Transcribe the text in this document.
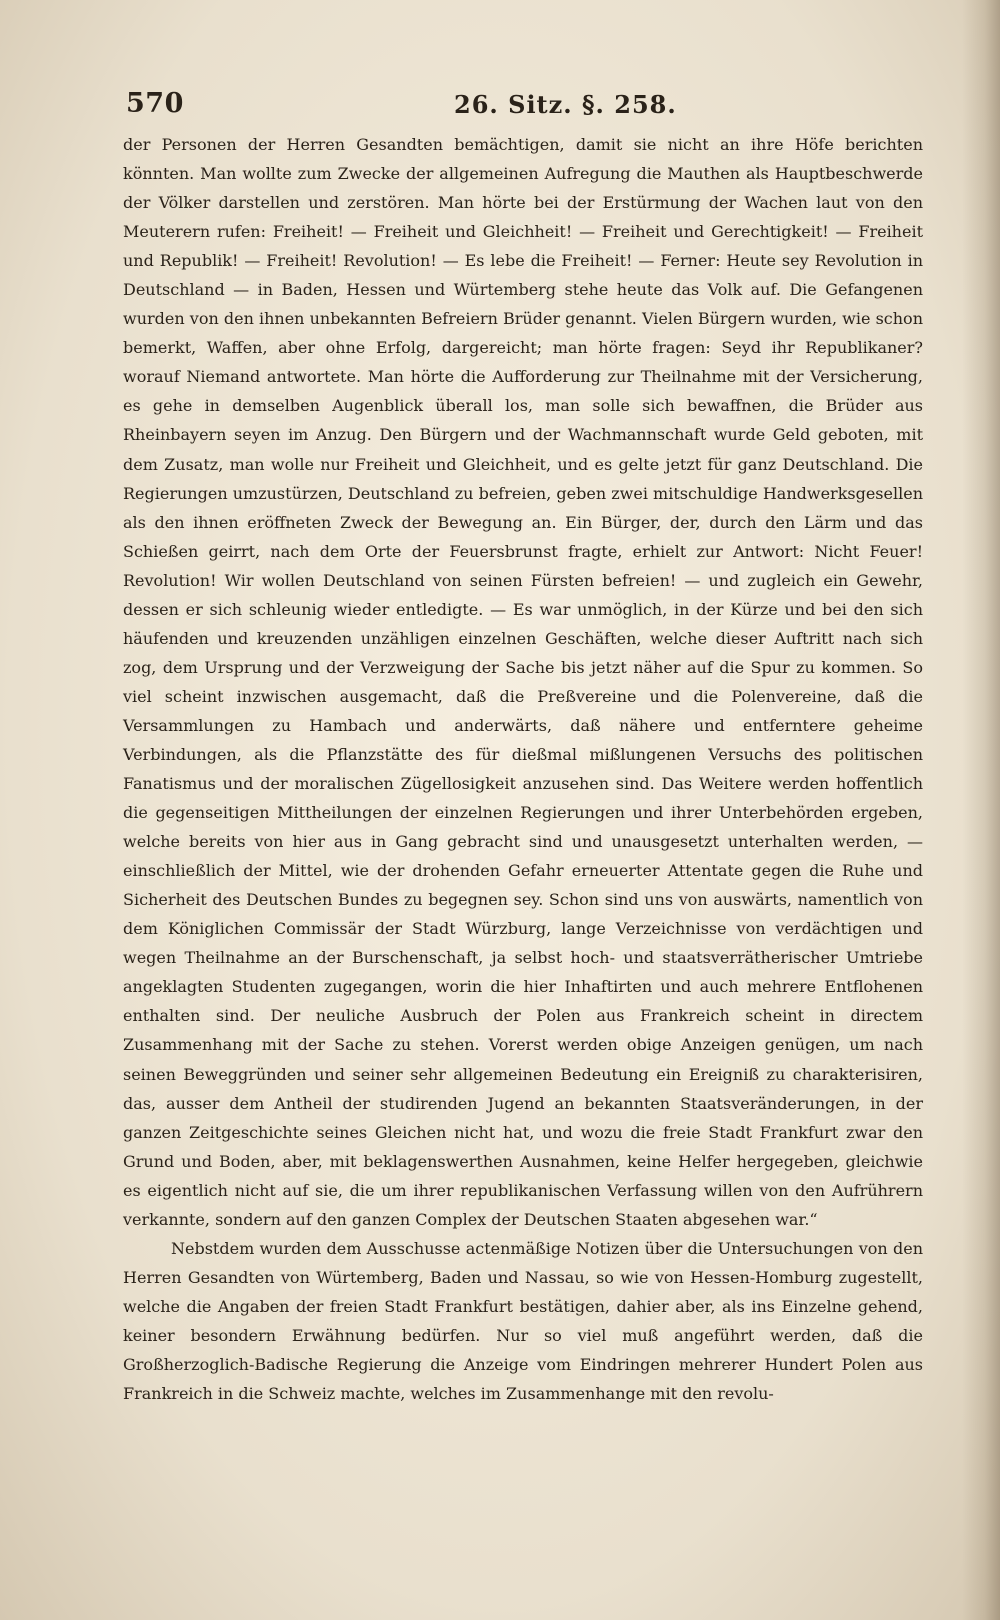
570	26. Sitz. §. 258.

der Personen der Herren Gesandten bemächtigen, damit sie nicht an ihre Höfe berichten könnten. Man wollte zum Zwecke der allgemeinen Aufregung die Mauthen als Hauptbeschwerde der Völker darstellen und zerstören. Man hörte bei der Erstürmung der Wachen laut von den Meuterern rufen: Freiheit! — Freiheit und Gleichheit! — Freiheit und Gerechtigkeit! — Freiheit und Republik! — Freiheit! Revolution! — Es lebe die Freiheit! — Ferner: Heute sey Revolution in Deutschland — in Baden, Hessen und Würtemberg stehe heute das Volk auf. Die Gefangenen wurden von den ihnen unbekannten Befreiern Brüder genannt. Vielen Bürgern wurden, wie schon bemerkt, Waffen, aber ohne Erfolg, dargereicht; man hörte fragen: Seyd ihr Republikaner? worauf Niemand antwortete. Man hörte die Aufforderung zur Theilnahme mit der Versicherung, es gehe in demselben Augenblick überall los, man solle sich bewaffnen, die Brüder aus Rheinbayern seyen im Anzug. Den Bürgern und der Wachmannschaft wurde Geld geboten, mit dem Zusatz, man wolle nur Freiheit und Gleichheit, und es gelte jetzt für ganz Deutschland. Die Regierungen umzustürzen, Deutschland zu befreien, geben zwei mitschuldige Handwerksgesellen als den ihnen eröffneten Zweck der Bewegung an. Ein Bürger, der, durch den Lärm und das Schießen geirrt, nach dem Orte der Feuersbrunst fragte, erhielt zur Antwort: Nicht Feuer! Revolution! Wir wollen Deutschland von seinen Fürsten befreien! — und zugleich ein Gewehr, dessen er sich schleunig wieder entledigte. — Es war unmöglich, in der Kürze und bei den sich häufenden und kreuzenden unzähligen einzelnen Geschäften, welche dieser Auftritt nach sich zog, dem Ursprung und der Verzweigung der Sache bis jetzt näher auf die Spur zu kommen. So viel scheint inzwischen ausgemacht, daß die Preßvereine und die Polenvereine, daß die Versammlungen zu Hambach und anderwärts, daß nähere und entferntere geheime Verbindungen, als die Pflanzstätte des für dießmal mißlungenen Versuchs des politischen Fanatismus und der moralischen Zügellosigkeit anzusehen sind. Das Weitere werden hoffentlich die gegenseitigen Mittheilungen der einzelnen Regierungen und ihrer Unterbehörden ergeben, welche bereits von hier aus in Gang gebracht sind und unausgesetzt unterhalten werden, — einschließlich der Mittel, wie der drohenden Gefahr erneuerter Attentate gegen die Ruhe und Sicherheit des Deutschen Bundes zu begegnen sey. Schon sind uns von auswärts, namentlich von dem Königlichen Commissär der Stadt Würzburg, lange Verzeichnisse von verdächtigen und wegen Theilnahme an der Burschenschaft, ja selbst hoch- und staatsverrätherischer Umtriebe angeklagten Studenten zugegangen, worin die hier Inhaftirten und auch mehrere Entflohenen enthalten sind. Der neuliche Ausbruch der Polen aus Frankreich scheint in directem Zusammenhang mit der Sache zu stehen. Vorerst werden obige Anzeigen genügen, um nach seinen Beweggründen und seiner sehr allgemeinen Bedeutung ein Ereigniß zu charakterisiren, das, ausser dem Antheil der studirenden Jugend an bekannten Staatsveränderungen, in der ganzen Zeitgeschichte seines Gleichen nicht hat, und wozu die freie Stadt Frankfurt zwar den Grund und Boden, aber, mit beklagenswerthen Ausnahmen, keine Helfer hergegeben, gleichwie es eigentlich nicht auf sie, die um ihrer republikanischen Verfassung willen von den Aufrührern verkannte, sondern auf den ganzen Complex der Deutschen Staaten abgesehen war.“

Nebstdem wurden dem Ausschusse actenmäßige Notizen über die Untersuchungen von den Herren Gesandten von Würtemberg, Baden und Nassau, so wie von Hessen-Homburg zugestellt, welche die Angaben der freien Stadt Frankfurt bestätigen, dahier aber, als ins Einzelne gehend, keiner besondern Erwähnung bedürfen. Nur so viel muß angeführt werden, daß die Großherzoglich-Badische Regierung die Anzeige vom Eindringen mehrerer Hundert Polen aus Frankreich in die Schweiz machte, welches im Zusammenhange mit den revolu-
